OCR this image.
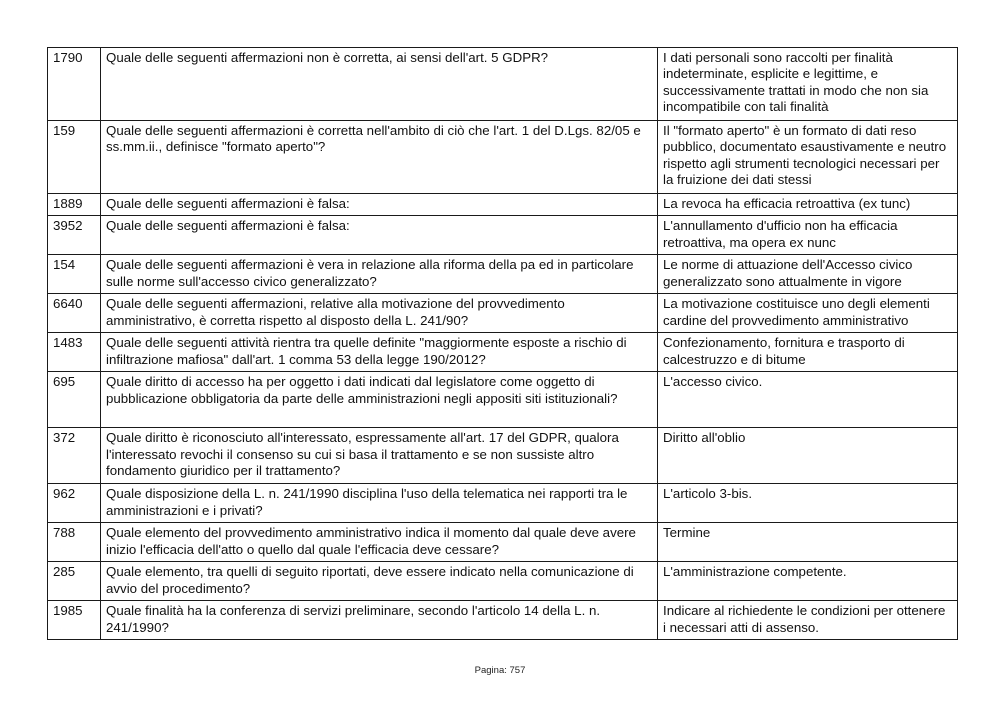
1790	Quale delle seguenti affermazioni non è corretta, ai sensi dell'art. 5 GDPR?	I dati personali sono raccolti per finalità indeterminate, esplicite e legittime, e successivamente trattati in modo che non sia incompatibile con tali finalità
159	Quale delle seguenti affermazioni è corretta nell'ambito di ciò che l'art. 1 del D.Lgs. 82/05 e ss.mm.ii., definisce "formato aperto"?	Il "formato aperto" è un formato di dati reso pubblico, documentato esaustivamente e neutro rispetto agli strumenti tecnologici necessari per la fruizione dei dati stessi
1889	Quale delle seguenti affermazioni è falsa:	La revoca ha efficacia retroattiva (ex tunc)
3952	Quale delle seguenti affermazioni è falsa:	L'annullamento d'ufficio non ha efficacia retroattiva, ma opera ex nunc
154	Quale delle seguenti affermazioni è vera in relazione alla riforma della pa ed in particolare sulle norme sull'accesso civico generalizzato?	Le norme di attuazione dell'Accesso civico generalizzato sono attualmente in vigore
6640	Quale delle seguenti affermazioni, relative alla motivazione del provvedimento amministrativo, è corretta rispetto al disposto della L. 241/90?	La motivazione costituisce uno degli elementi cardine del provvedimento amministrativo
1483	Quale delle seguenti attività rientra tra quelle definite "maggiormente esposte a rischio di infiltrazione mafiosa" dall'art. 1 comma 53 della legge 190/2012?	Confezionamento, fornitura e trasporto di calcestruzzo e di bitume
695	Quale diritto di accesso ha per oggetto i dati indicati dal legislatore come oggetto di pubblicazione obbligatoria da parte delle amministrazioni negli appositi siti istituzionali?	L'accesso civico.
372	Quale diritto è riconosciuto all'interessato, espressamente all'art. 17 del GDPR, qualora l'interessato revochi il consenso su cui si basa il trattamento e se non sussiste altro fondamento giuridico per il trattamento?	Diritto all'oblio
962	Quale disposizione della L. n. 241/1990 disciplina l'uso della telematica nei rapporti tra le amministrazioni e i privati?	L'articolo 3-bis.
788	Quale elemento del provvedimento amministrativo indica il momento dal quale deve avere inizio l'efficacia dell'atto o quello dal quale l'efficacia deve cessare?	Termine
285	Quale elemento, tra quelli di seguito riportati, deve essere indicato nella comunicazione di avvio del procedimento?	L'amministrazione competente.
1985	Quale finalità ha la conferenza di servizi preliminare, secondo l'articolo 14 della L. n. 241/1990?	Indicare al richiedente le condizioni per ottenere i necessari atti di assenso.
Pagina: 757
